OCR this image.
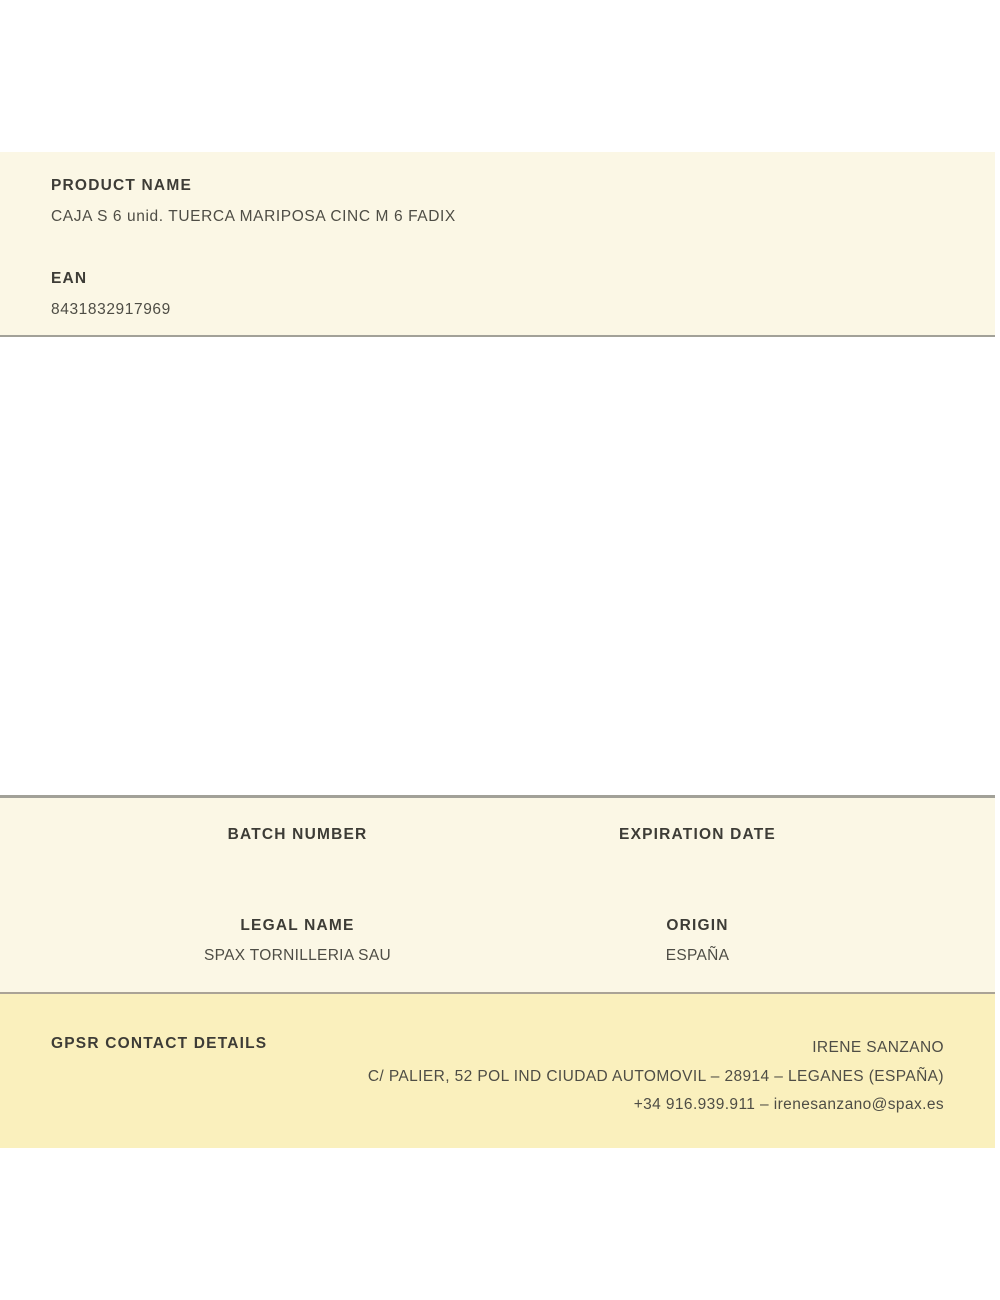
PRODUCT NAME
CAJA S 6 unid. TUERCA MARIPOSA CINC M 6 FADIX
EAN
8431832917969
BATCH NUMBER	EXPIRATION DATE
LEGAL NAME
SPAX TORNILLERIA SAU
ORIGIN
ESPAÑA
GPSR CONTACT DETAILS	IRENE SANZANO
C/ PALIER, 52 POL IND CIUDAD AUTOMOVIL – 28914 – LEGANES (ESPAÑA)
+34 916.939.911 – irenesanzano@spax.es
